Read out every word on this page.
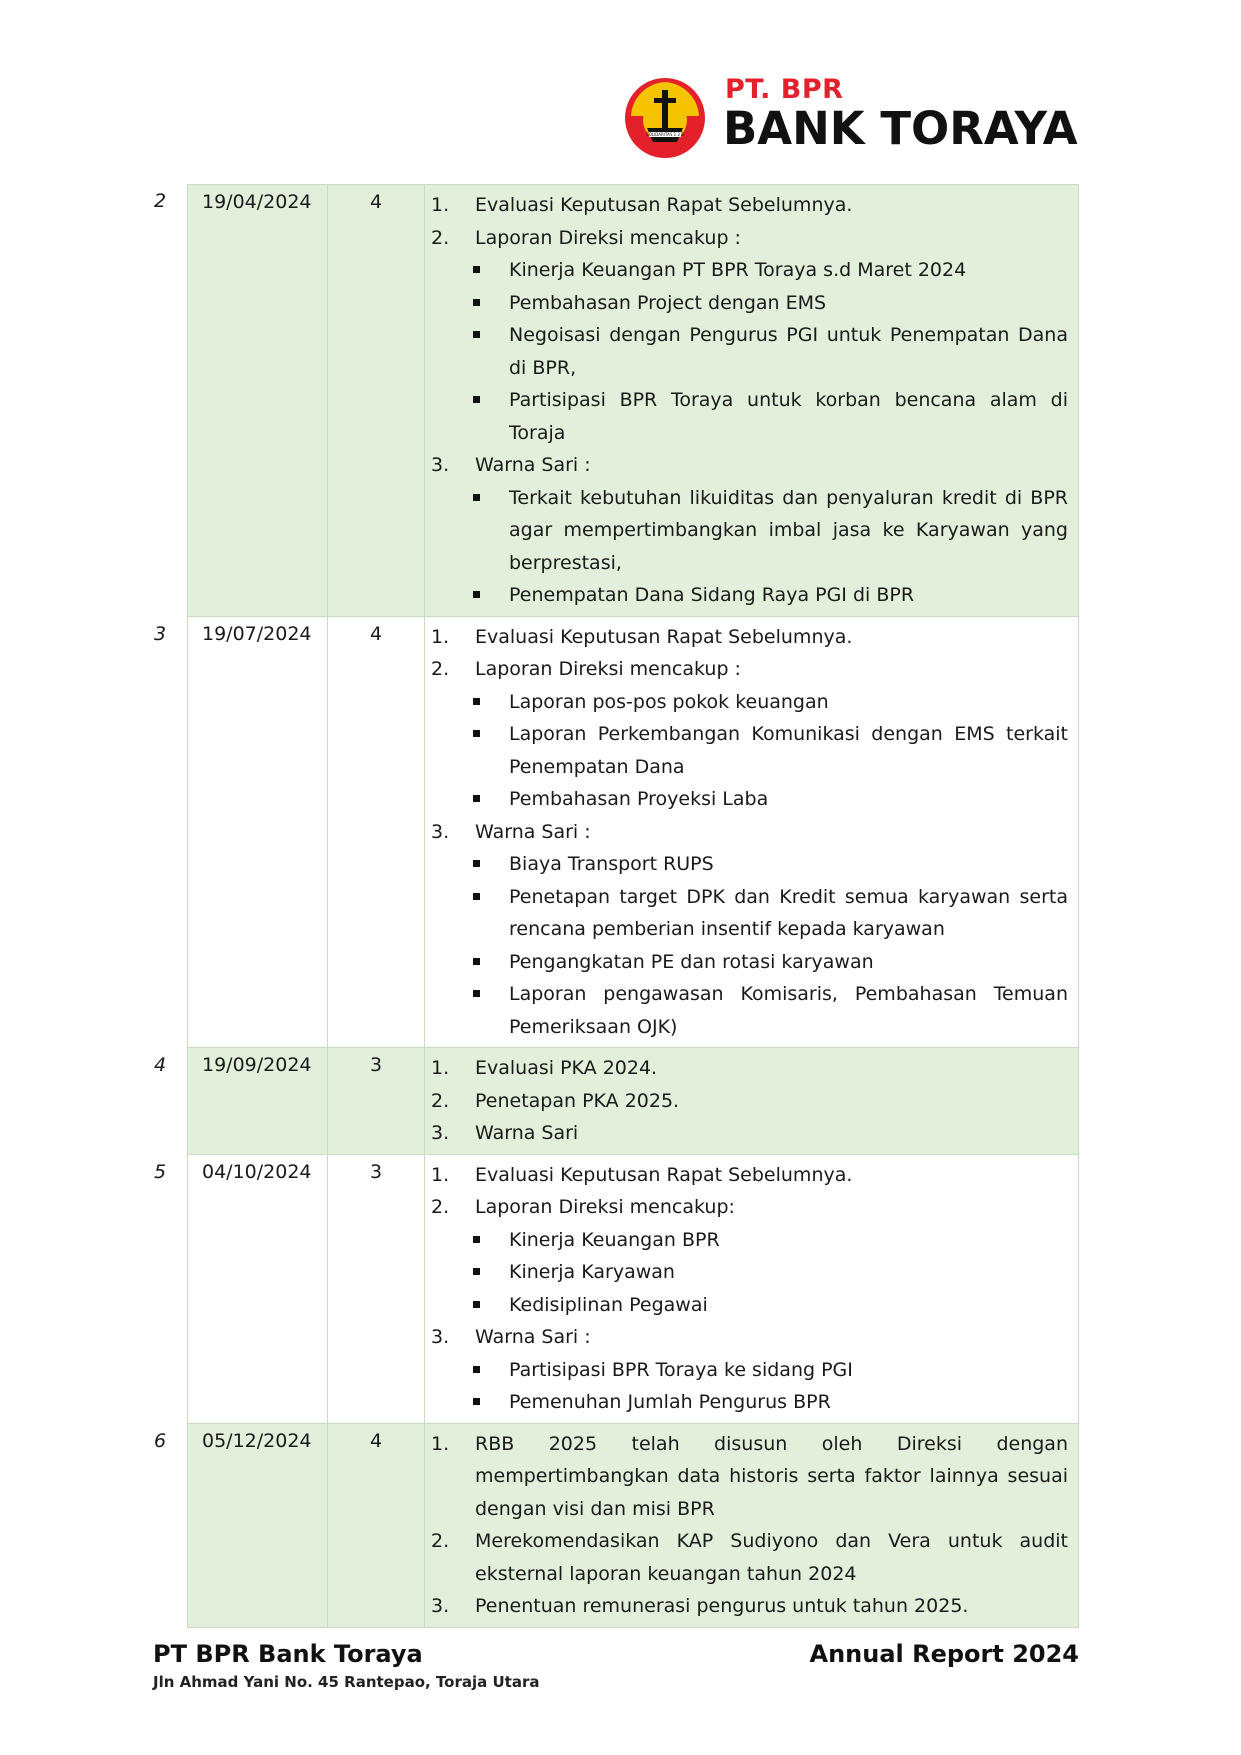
SOLIDARITAS 1 2 3
PT. BPR
BANK TORAYA
2	19/04/2024	4	1.	Evaluasi Keputusan Rapat Sebelumnya.
2.	Laporan Direksi mencakup :
Kinerja Keuangan PT BPR Toraya s.d Maret 2024
Pembahasan Project dengan EMS
Negoisasi dengan Pengurus PGI untuk Penempatan Dana di BPR,
Partisipasi BPR Toraya untuk korban bencana alam di Toraja
3.	Warna Sari :
Terkait kebutuhan likuiditas dan penyaluran kredit di BPR agar mempertimbangkan imbal jasa ke Karyawan yang berprestasi,
Penempatan Dana Sidang Raya PGI di BPR
3	19/07/2024	4	1.	Evaluasi Keputusan Rapat Sebelumnya.
2.	Laporan Direksi mencakup :
Laporan pos-pos pokok keuangan
Laporan Perkembangan Komunikasi dengan EMS terkait Penempatan Dana
Pembahasan Proyeksi Laba
3.	Warna Sari :
Biaya Transport RUPS
Penetapan target DPK dan Kredit semua karyawan serta rencana pemberian insentif kepada karyawan
Pengangkatan PE dan rotasi karyawan
Laporan pengawasan Komisaris, Pembahasan Temuan Pemeriksaan OJK)
4	19/09/2024	3	1.	Evaluasi PKA 2024.
2.	Penetapan PKA 2025.
3.	Warna Sari
5	04/10/2024	3	1.	Evaluasi Keputusan Rapat Sebelumnya.
2.	Laporan Direksi mencakup:
Kinerja Keuangan BPR
Kinerja Karyawan
Kedisiplinan Pegawai
3.	Warna Sari :
Partisipasi BPR Toraya ke sidang PGI
Pemenuhan Jumlah Pengurus BPR
6	05/12/2024	4	1.	RBB 2025 telah disusun oleh Direksi dengan mempertimbangkan data historis serta faktor lainnya sesuai dengan visi dan misi BPR
2.	Merekomendasikan KAP Sudiyono dan Vera untuk audit eksternal laporan keuangan tahun 2024
3.	Penentuan remunerasi pengurus untuk tahun 2025.
PT BPR Bank Toraya
Jln Ahmad Yani No. 45 Rantepao, Toraja Utara
Annual Report 2024
